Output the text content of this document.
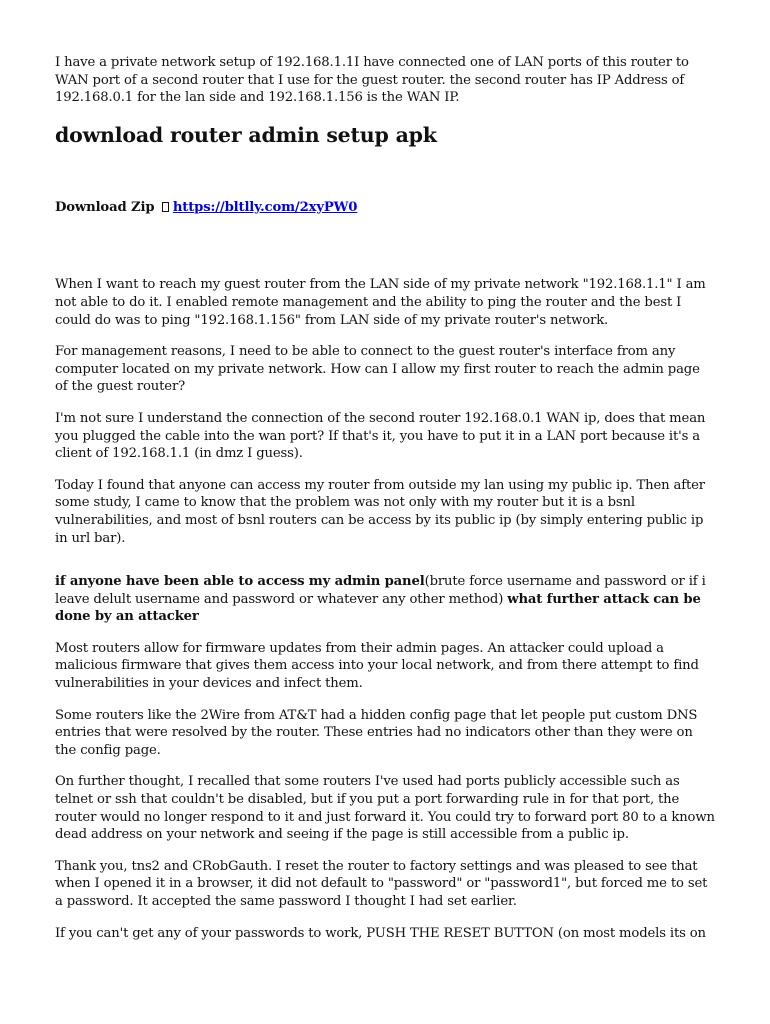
I have a private network setup of 192.168.1.1I have connected one of LAN ports of this router to WAN port of a second router that I use for the guest router. the second router has IP Address of 192.168.0.1 for the lan side and 192.168.1.156 is the WAN IP.

download router admin setup apk

Download Zip https://bltlly.com/2xyPW0

When I want to reach my guest router from the LAN side of my private network "192.168.1.1" I am not able to do it. I enabled remote management and the ability to ping the router and the best I could do was to ping "192.168.1.156" from LAN side of my private router's network.

For management reasons, I need to be able to connect to the guest router's interface from any computer located on my private network. How can I allow my first router to reach the admin page of the guest router?

I'm not sure I understand the connection of the second router 192.168.0.1 WAN ip, does that mean you plugged the cable into the wan port? If that's it, you have to put it in a LAN port because it's a client of 192.168.1.1 (in dmz I guess).

Today I found that anyone can access my router from outside my lan using my public ip. Then after some study, I came to know that the problem was not only with my router but it is a bsnl vulnerabilities, and most of bsnl routers can be access by its public ip (by simply entering public ip in url bar).

if anyone have been able to access my admin panel(brute force username and password or if i leave delult username and password or whatever any other method) what further attack can be done by an attacker

Most routers allow for firmware updates from their admin pages. An attacker could upload a malicious firmware that gives them access into your local network, and from there attempt to find vulnerabilities in your devices and infect them.

Some routers like the 2Wire from AT&T had a hidden config page that let people put custom DNS entries that were resolved by the router. These entries had no indicators other than they were on the config page.

On further thought, I recalled that some routers I've used had ports publicly accessible such as telnet or ssh that couldn't be disabled, but if you put a port forwarding rule in for that port, the router would no longer respond to it and just forward it. You could try to forward port 80 to a known dead address on your network and seeing if the page is still accessible from a public ip.

Thank you, tns2 and CRobGauth. I reset the router to factory settings and was pleased to see that when I opened it in a browser, it did not default to "password" or "password1", but forced me to set a password. It accepted the same password I thought I had set earlier.

If you can't get any of your passwords to work, PUSH THE RESET BUTTON (on most models its on
